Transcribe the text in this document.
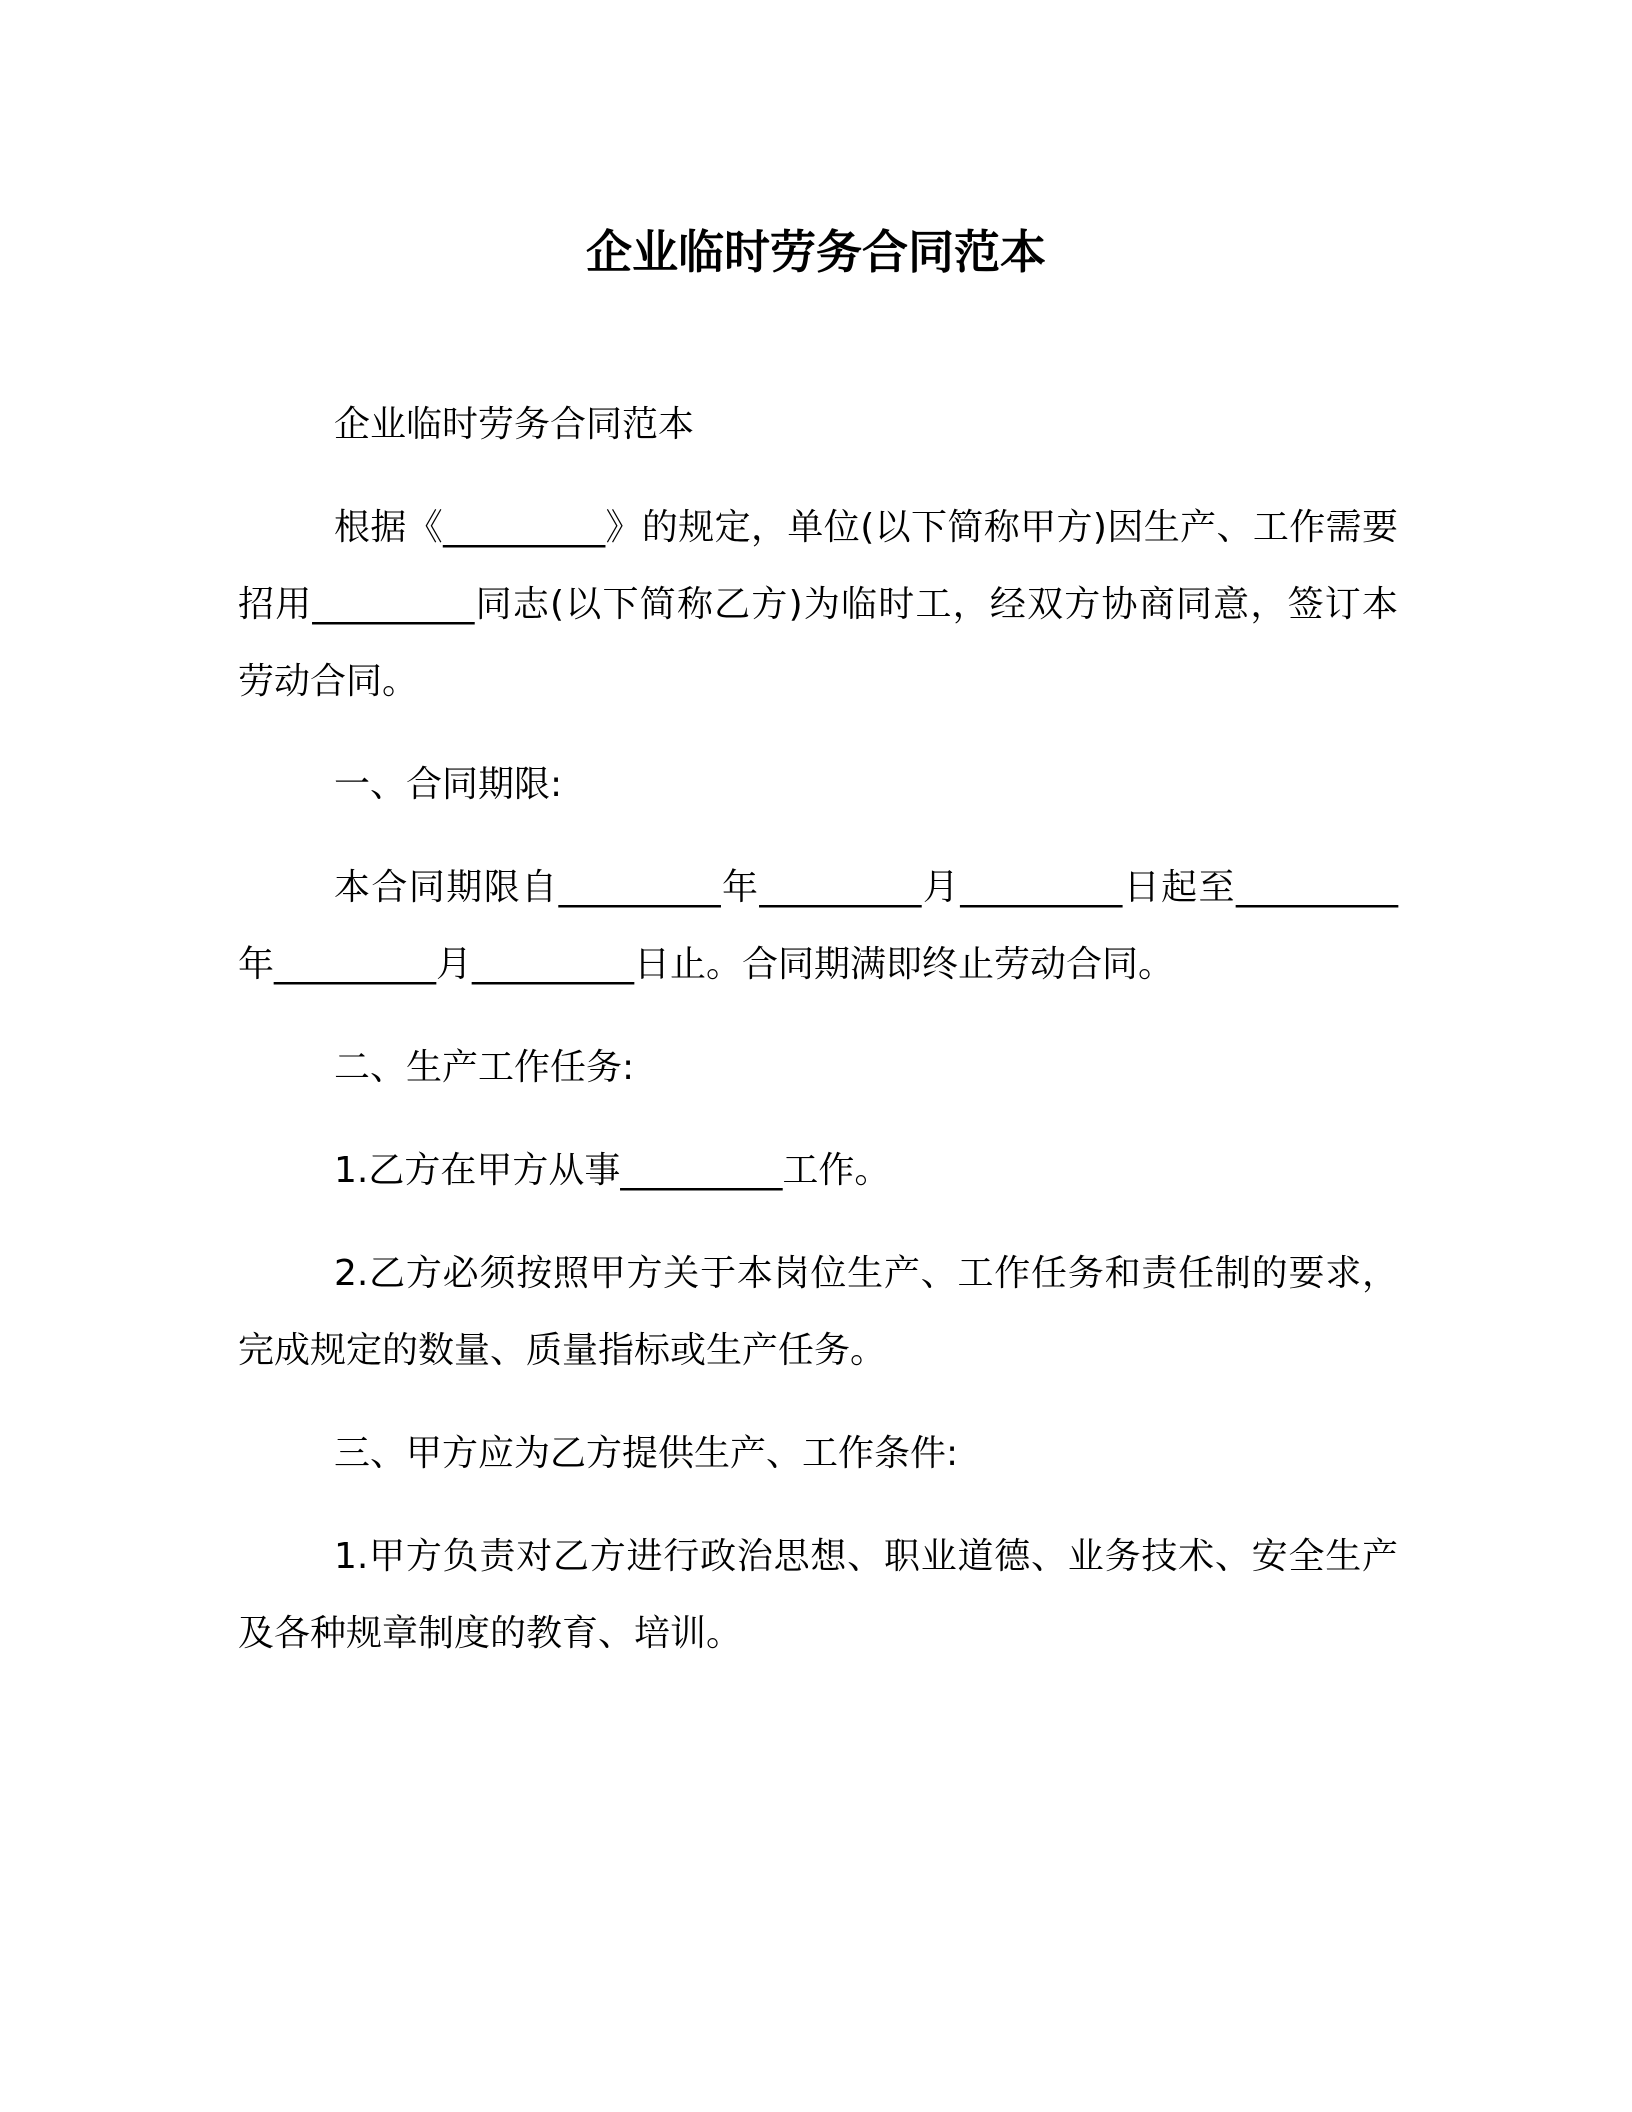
企业临时劳务合同范本

企业临时劳务合同范本

根据《_________》的规定，单位(以下简称甲方)因生产、工作需要招用_________同志(以下简称乙方)为临时工，经双方协商同意，签订本劳动合同。

一、合同期限:

本合同期限自_________年_________月_________日起至_________年_________月_________日止。合同期满即终止劳动合同。

二、生产工作任务:

1.乙方在甲方从事_________工作。

2.乙方必须按照甲方关于本岗位生产、工作任务和责任制的要求，完成规定的数量、质量指标或生产任务。

三、甲方应为乙方提供生产、工作条件:

1.甲方负责对乙方进行政治思想、职业道德、业务技术、安全生产及各种规章制度的教育、培训。
